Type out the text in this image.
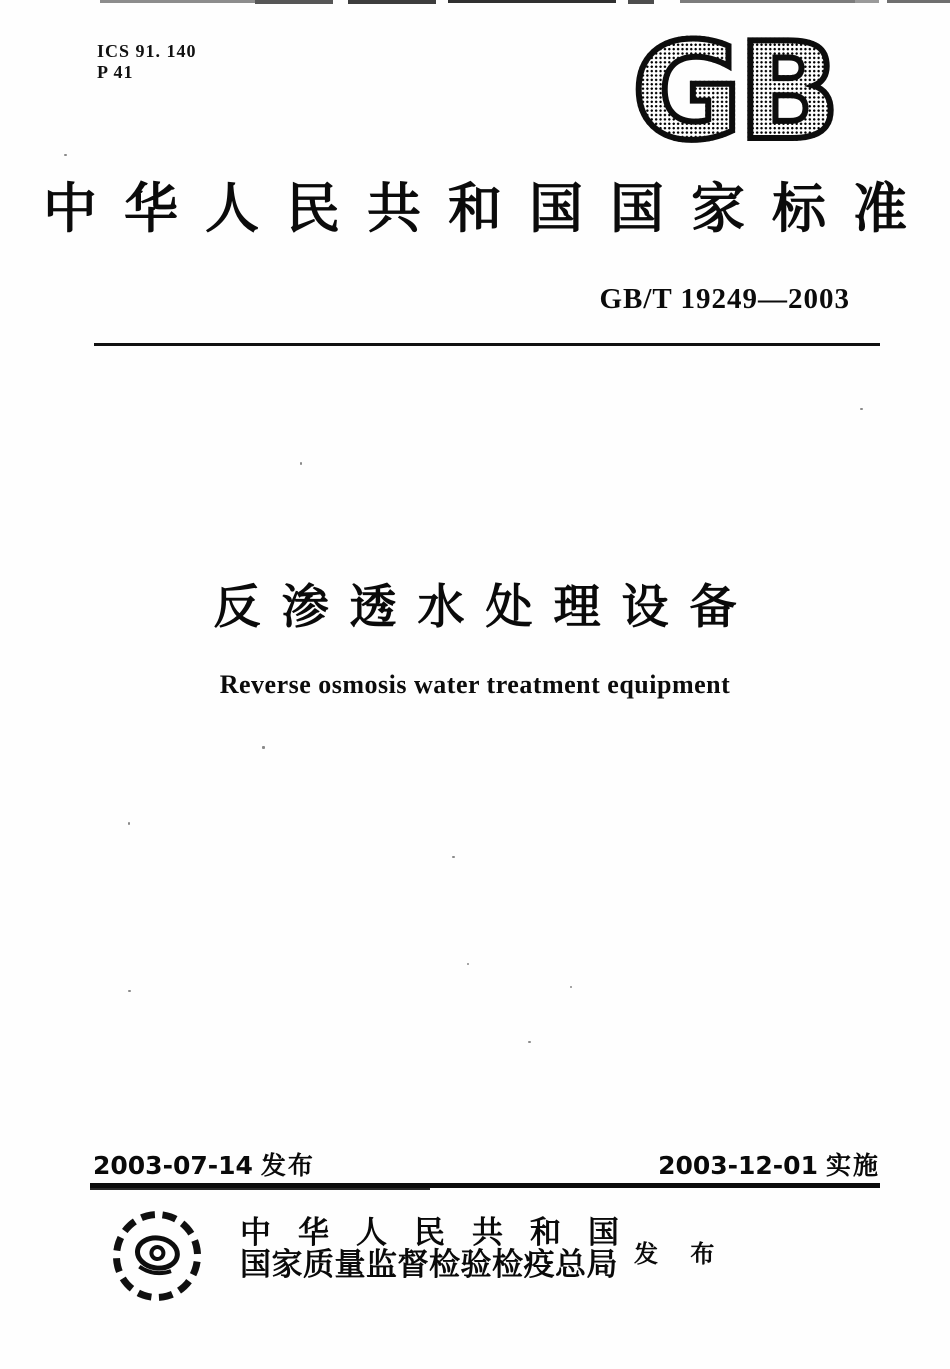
ICS 91. 140
P 41	GB
中华人民共和国国家标准
GB/T 19249—2003
反渗透水处理设备
Reverse osmosis water treatment equipment
2003-07-14 发布	2003-12-01 实施
中华人民共和国
国家质量监督检验检疫总局 发 布
